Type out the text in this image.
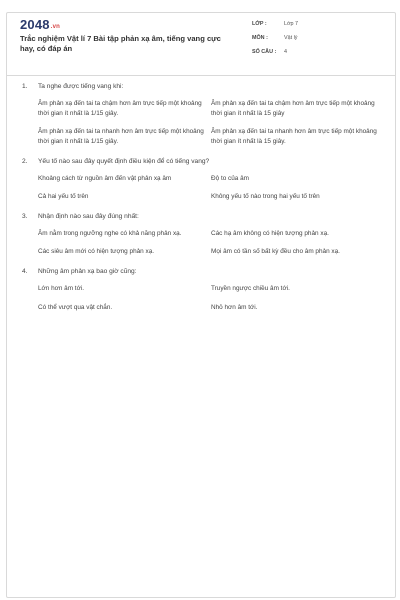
2048.vn
Trắc nghiệm Vật lí 7 Bài tập phản xạ âm, tiếng vang cực hay, có đáp án
LỚP :	Lớp 7
MÔN :	Vật lý
SỐ CÂU :	4
1.	Ta nghe được tiếng vang khi:
Âm phản xạ đến tai ta chậm hơn âm trực tiếp một khoảng thời gian ít nhất là 1/15 giây.
Âm phản xạ đến tai ta chậm hơn âm trực tiếp một khoảng thời gian ít nhất là 15 giây
Âm phản xạ đến tai ta nhanh hơn âm trực tiếp một khoảng thời gian ít nhất là 1/15 giây.
Âm phản xạ đến tai ta nhanh hơn âm trực tiếp một khoảng thời gian ít nhất là 15 giây.
2.	Yếu tố nào sau đây quyết định điều kiện để có tiếng vang?
Khoảng cách từ nguồn âm đến vật phản xạ âm	Độ to của âm
Cả hai yếu tố trên	Không yếu tố nào trong hai yếu tố trên
3.	Nhận định nào sau đây đúng nhất:
Âm nằm trong ngưỡng nghe có khả năng phản xạ.	Các hạ âm không có hiện tượng phản xạ.
Các siêu âm mới có hiện tượng phản xạ.	Mọi âm có tần số bất kỳ đều cho âm phản xạ.
4.	Những âm phản xạ bao giờ cũng:
Lớn hơn âm tới.	Truyền ngược chiều âm tới.
Có thể vượt qua vật chắn.	Nhỏ hơn âm tới.
